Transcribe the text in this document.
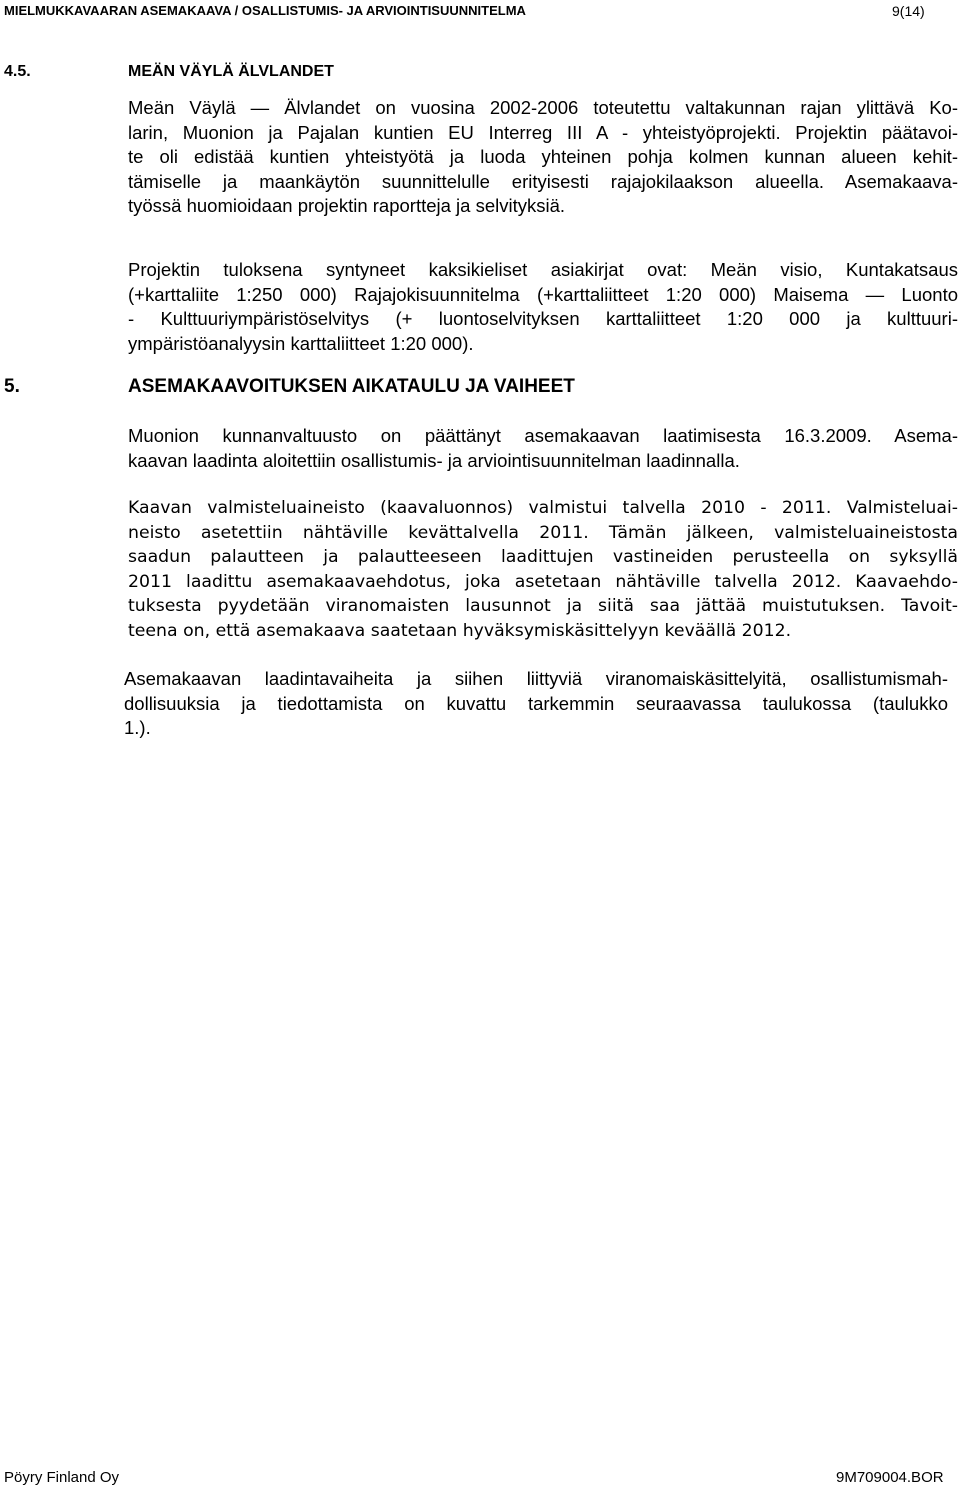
MIELMUKKAVAARAN ASEMAKAAVA / OSALLISTUMIS- JA ARVIOINTISUUNNITELMA	9(14)
4.5.	MEÄN VÄYLÄ ÄLVLANDET
Meän Väylä ― Älvlandet on vuosina 2002-2006 toteutettu valtakunnan rajan ylittävä Ko-
larin, Muonion ja Pajalan kuntien EU Interreg III A - yhteistyöprojekti. Projektin päätavoi-
te oli edistää kuntien yhteistyötä ja luoda yhteinen pohja kolmen kunnan alueen kehit-
tämiselle ja maankäytön suunnittelulle erityisesti rajajokilaakson alueella. Asemakaava-
työssä huomioidaan projektin raportteja ja selvityksiä.
Projektin tuloksena syntyneet kaksikieliset asiakirjat ovat: Meän visio, Kuntakatsaus
(+karttaliite 1:250 000) Rajajokisuunnitelma (+karttaliitteet 1:20 000) Maisema ― Luonto
- Kulttuuriympäristöselvitys (+ luontoselvityksen karttaliitteet 1:20 000 ja kulttuuri-
ympäristöanalyysin karttaliitteet 1:20 000).
5.	ASEMAKAAVOITUKSEN AIKATAULU JA VAIHEET
Muonion kunnanvaltuusto on päättänyt asemakaavan laatimisesta 16.3.2009. Asema-
kaavan laadinta aloitettiin osallistumis- ja arviointisuunnitelman laadinnalla.
Kaavan valmisteluaineisto (kaavaluonnos) valmistui talvella 2010 - 2011. Valmisteluai-
neisto asetettiin nähtäville kevättalvella 2011. Tämän jälkeen, valmisteluaineistosta
saadun palautteen ja palautteeseen laadittujen vastineiden perusteella on syksyllä
2011 laadittu asemakaavaehdotus, joka asetetaan nähtäville talvella 2012. Kaavaehdo-
tuksesta pyydetään viranomaisten lausunnot ja siitä saa jättää muistutuksen. Tavoit-
teena on, että asemakaava saatetaan hyväksymiskäsittelyyn keväällä 2012.
Asemakaavan laadintavaiheita ja siihen liittyviä viranomaiskäsittelyitä, osallistumismah-
dollisuuksia ja tiedottamista on kuvattu tarkemmin seuraavassa taulukossa (taulukko
1.).
Pöyry Finland Oy	9M709004.BOR
